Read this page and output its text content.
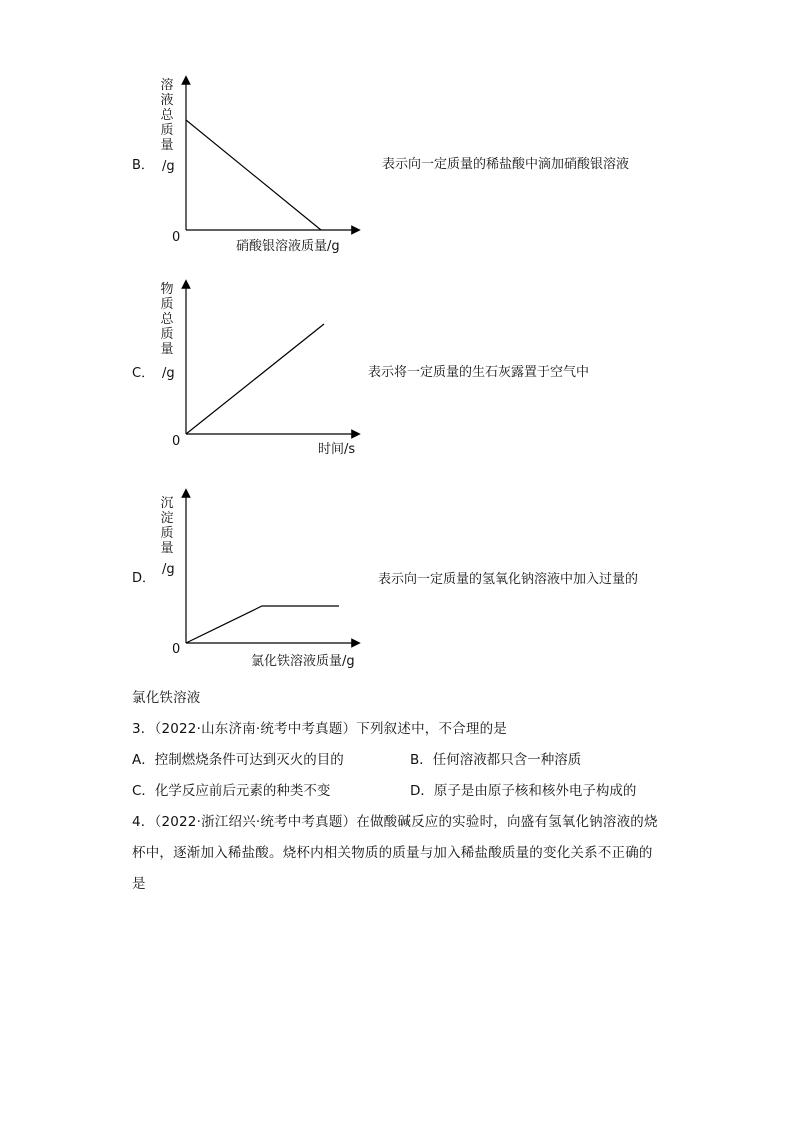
B．
溶液总质量
/g
0
硝酸银溶液质量/g
表示向一定质量的稀盐酸中滴加硝酸银溶液
C．
物质总质量
/g
0
时间/s
表示将一定质量的生石灰露置于空气中
D．
沉淀质量
/g
0
氯化铁溶液质量/g
表示向一定质量的氢氧化钠溶液中加入过量的
氯化铁溶液
3．（2022·山东济南·统考中考真题）下列叙述中，不合理的是
A．控制燃烧条件可达到灭火的目的	B．任何溶液都只含一种溶质
C．化学反应前后元素的种类不变	D．原子是由原子核和核外电子构成的
4．（2022·浙江绍兴·统考中考真题）在做酸碱反应的实验时，向盛有氢氧化钠溶液的烧
杯中，逐渐加入稀盐酸。烧杯内相关物质的质量与加入稀盐酸质量的变化关系不正确的
是
